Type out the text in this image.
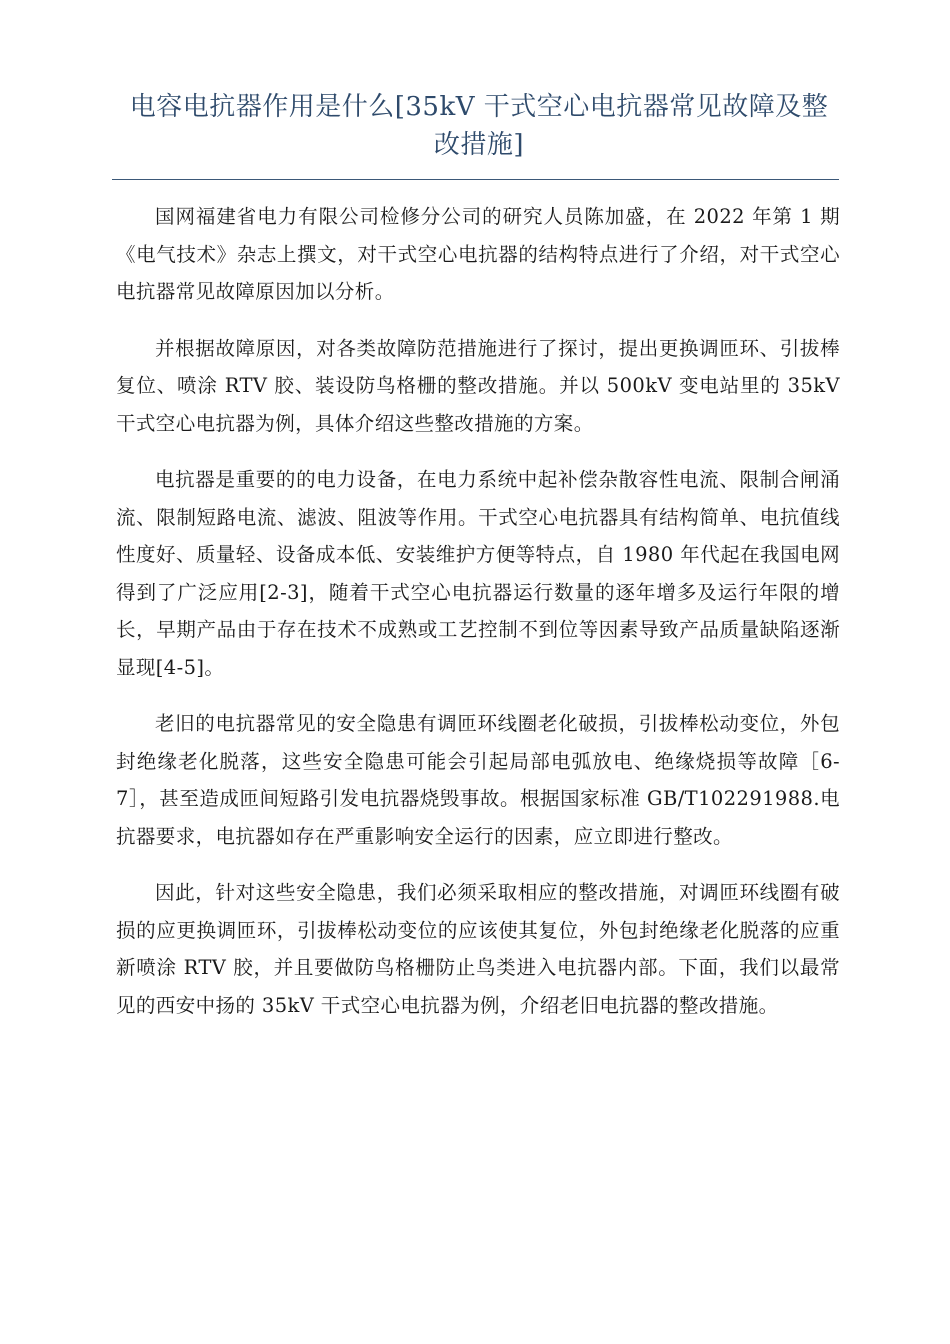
电容电抗器作用是什么[35kV 干式空心电抗器常见故障及整改措施]

国网福建省电力有限公司检修分公司的研究人员陈加盛，在 2022 年第 1 期《电气技术》杂志上撰文，对干式空心电抗器的结构特点进行了介绍，对干式空心电抗器常见故障原因加以分析。

并根据故障原因，对各类故障防范措施进行了探讨，提出更换调匝环、引拔棒复位、喷涂 RTV 胶、装设防鸟格栅的整改措施。并以 500kV 变电站里的 35kV 干式空心电抗器为例，具体介绍这些整改措施的方案。

电抗器是重要的的电力设备，在电力系统中起补偿杂散容性电流、限制合闸涌流、限制短路电流、滤波、阻波等作用。干式空心电抗器具有结构简单、电抗值线性度好、质量轻、设备成本低、安装维护方便等特点，自 1980 年代起在我国电网得到了广泛应用[2-3]，随着干式空心电抗器运行数量的逐年增多及运行年限的增长，早期产品由于存在技术不成熟或工艺控制不到位等因素导致产品质量缺陷逐渐显现[4-5]。

老旧的电抗器常见的安全隐患有调匝环线圈老化破损，引拔棒松动变位，外包封绝缘老化脱落，这些安全隐患可能会引起局部电弧放电、绝缘烧损等故障［6-7］，甚至造成匝间短路引发电抗器烧毁事故。根据国家标准 GB/T102291988.电抗器要求，电抗器如存在严重影响安全运行的因素，应立即进行整改。

因此，针对这些安全隐患，我们必须采取相应的整改措施，对调匝环线圈有破损的应更换调匝环，引拔棒松动变位的应该使其复位，外包封绝缘老化脱落的应重新喷涂 RTV 胶，并且要做防鸟格栅防止鸟类进入电抗器内部。下面，我们以最常见的西安中扬的 35kV 干式空心电抗器为例，介绍老旧电抗器的整改措施。
